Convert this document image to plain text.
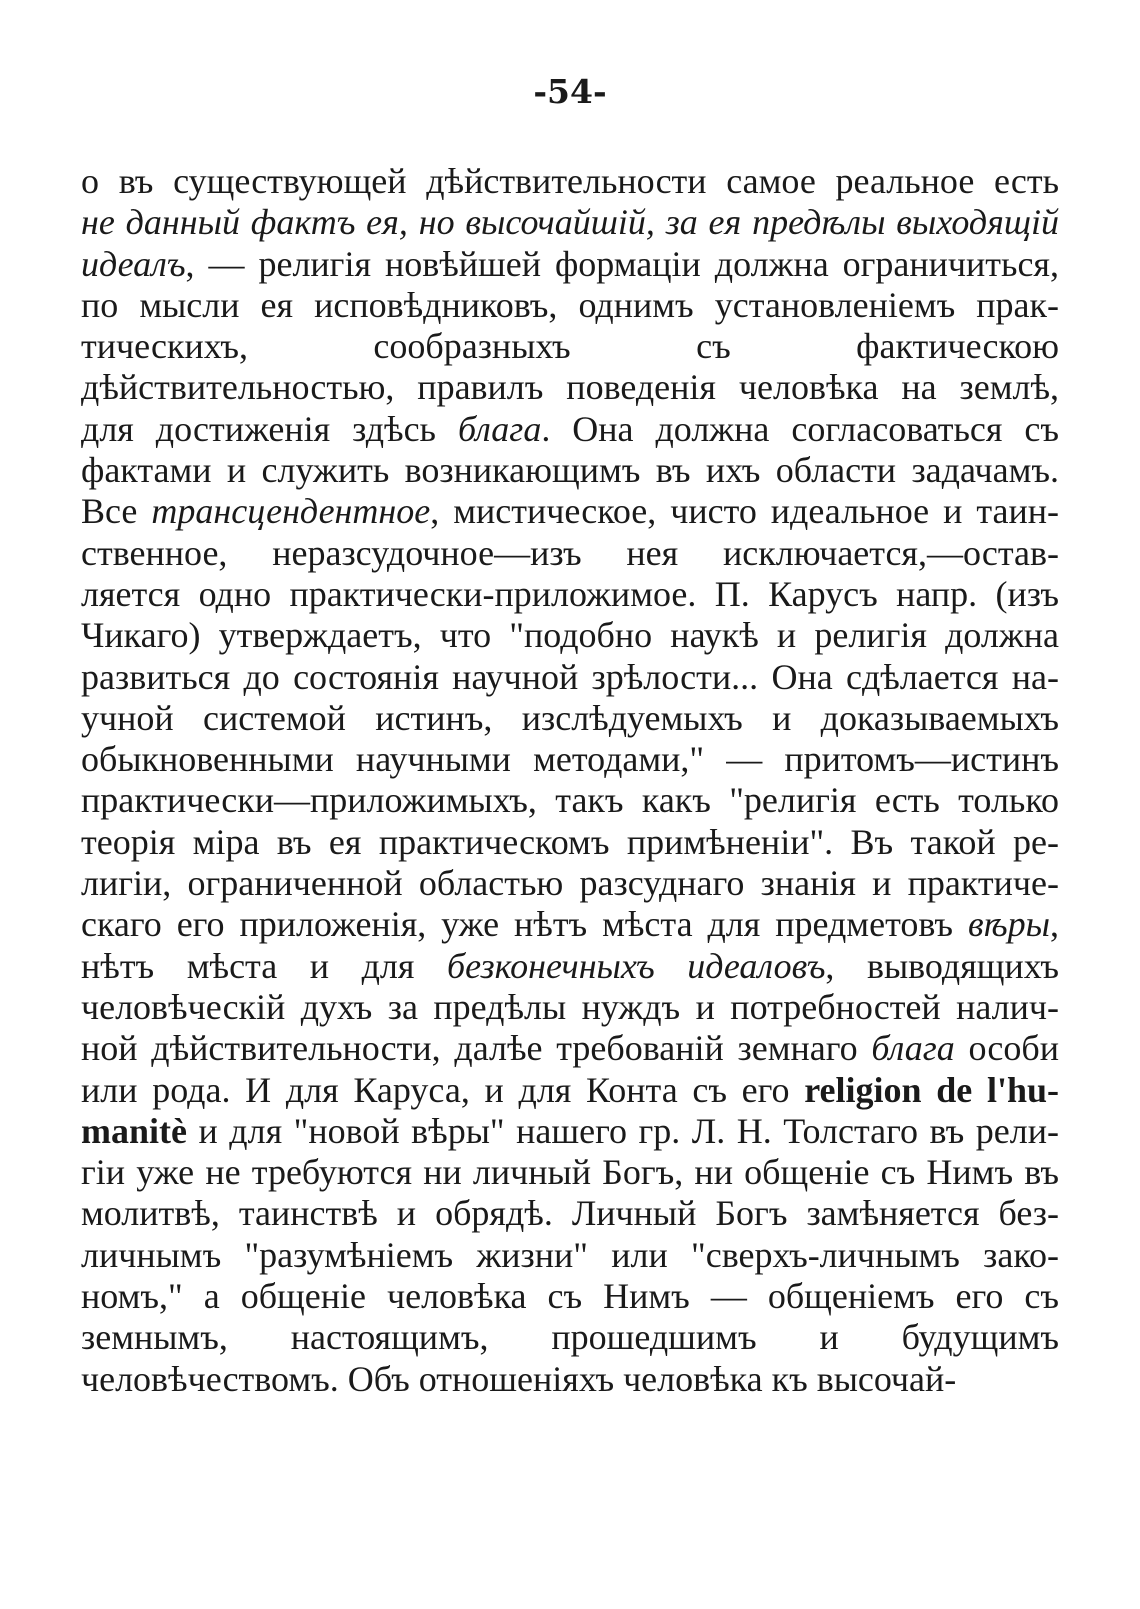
-54-
о въ существующей дѣйствительности самое реальное есть
не данный фактъ ея, но высочайшій, за ея предѣлы выходящій
идеалъ, — религія новѣйшей формаціи должна ограничиться,
по мысли ея исповѣдниковъ, однимъ установленіемъ прак-
тическихъ, сообразныхъ съ фактическою
дѣйствительностью, правилъ поведенія человѣка на землѣ,
для достиженія здѣсь блага. Она должна согласоваться съ
фактами и служить возникающимъ въ ихъ области задачамъ.
Все трансцендентное, мистическое, чисто идеальное и таин-
ственное, неразсудочное—изъ нея исключается,—остав-
ляется одно практически-приложимое. П. Карусъ напр. (изъ
Чикаго) утверждаетъ, что "подобно наукѣ и религія должна
развиться до состоянія научной зрѣлости... Она сдѣлается на-
учной системой истинъ, изслѣдуемыхъ и доказываемыхъ
обыкновенными научными методами," — притомъ—истинъ
практически—приложимыхъ, такъ какъ "религія есть только
теорія міра въ ея практическомъ примѣненіи". Въ такой ре-
лигіи, ограниченной областью разсуднаго знанія и практиче-
скаго его приложенія, уже нѣтъ мѣста для предметовъ вѣры,
нѣтъ мѣста и для безконечныхъ идеаловъ, выводящихъ
человѣческій духъ за предѣлы нуждъ и потребностей налич-
ной дѣйствительности, далѣе требованій земнаго блага особи
или рода. И для Каруса, и для Конта съ его religion de l'hu-
manitè и для "новой вѣры" нашего гр. Л. Н. Толстаго въ рели-
гіи уже не требуются ни личный Богъ, ни общеніе съ Нимъ въ
молитвѣ, таинствѣ и обрядѣ. Личный Богъ замѣняется без-
личнымъ "разумѣніемъ жизни" или "сверхъ-личнымъ зако-
номъ," а общеніе человѣка съ Нимъ — общеніемъ его съ
земнымъ, настоящимъ, прошедшимъ и будущимъ
человѣчествомъ. Объ отношеніяхъ человѣка къ высочай-
